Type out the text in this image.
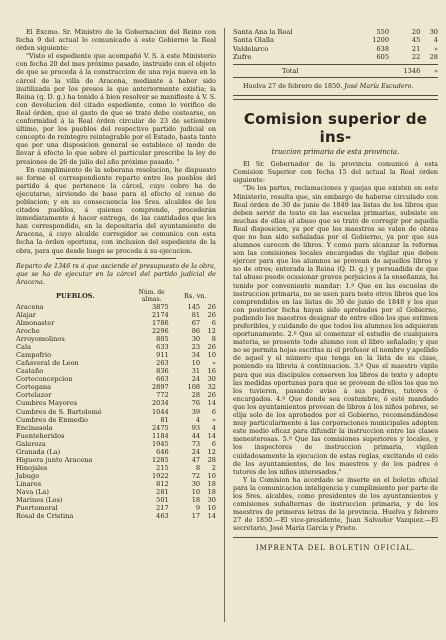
El Excmo. Sr. Ministro de la Gobernacion del Reino con fecha 9 del actual lo comunicado á este Gobierno la Real órden siguiente:

"Visto el espediente que acompañó V. S. á este Ministerio con fecha 20 del mes próximo pasado, instruido con el objeto de que se proceda á la construccion de una reja nueva en la cárcel de la villa de Aracena, mediante á haber sido inutilizada por los presos la que anteriormente existia; la Reina (q. D. g.) ha tenido á bien resolver se manifieste á V. S. con devolucion del citado espediente, como lo verifico de Real órden, que el gasto de que se trate debe costearse, en conformidad á la Real órden circular de 23 de setiembre último, por los pueblos del respectivo partido judicial en concepto de reintegro reintegrable por el Estado, hasta tanto que por una disposicion general se establece el modo de llevar á efecto lo que sobre el particular prescribe la ley de presiones de 26 de julio del año próximo pasado. "

En cumplimiento de la soberana resolucion, he dispuesto se forme el correspondiente reparto entre los pueblos del partido á que pertenece la cárcel, cuyo cobro ha de ejecutarse, sirviendo de base para el efecto el censo de poblacion; y en su consecuencia los Sres. alcaldes de los citados pueblos, á quienes comprende, procederán inmediatamente á hacer entrega, de las cantidades que les han correspondido, en la depositaria del ayuntamiento de Aracena, á cuyo alcalde corregidor se comunica con esta fecha la órden oportuna, con inclusion del espediente de la obra, para que desde luego se proceda á su ejecucion.

Reparto de 1346 rs á que asciende el presupuesto de la obra, que se ha de ejecutar en la cárcel del partido judicial de Aracena.

PUEBLOS.	Núm. de almas.	Rs. vn.	
Aracena	3875	145	26
Alajar	2174	81	26
Almonaster	1786	67	6
Aroche	2296	86	12
Arroyomolinos	805	30	8
Cala	633	23	26
Campofrio	911	34	10
Cañaveral de Leon	263	10	»
Castaño	836	31	16
Corteconcepcion	663	24	30
Cortegana	2897	108	32
Cortelazor	772	28	26
Cumbres Mayores	2034	76	14
Cumbres de S. Bartolomé	1044	39	6
Cumbres de Enmedio	81	4	»
Encinasola	2475	93	4
Fuenteheridos	1184	44	14
Galaroza	1945	73	6
Granada (La)	646	24	12
Higuera junto Aracena	1285	47	28
Hinojales	215	8	2
Jabugo	1922	72	10
Linares	812	30	18
Nava (La)	281	10	18
Marines (Los)	501	18	30
Puertomoral	217	9	10
Rosal de Cristina	463	17	14
Santa Ana la Real	550	20	30
Santa Olalla	1200	45	4
Valdelarco	638	21	»
Zufre	605	22	28
Total		1346	»

Huelva 27 de febrero de 1850. José María Escudero.

Comision superior de ins-
truccion primaria de esta provincia.

El Sr. Gobernador de la provincia comunicó á esta Comision Superior con fecha 15 del actual la Real órden siguiente:

"De los partes, reclamaciones y quejas que existen en este Ministerio, resulta que, sin embargo de haberse circulado con Real órden de 30 de junio de 1849 las listas de los libros que deben servir de testo en las escuelas primarias, subsiste en muchas de ellas el abuso que se trató de corregir por aquella Real disposicion, ya por que los maestros se valen de obras que no han sido señaladas por el Gobierno, ya por que sus alumnos carecen de libros. Y como para alcanzar la reforma son las comisiones locales encargadas de vigilar que deben ejercer para que los alumnos se provean de aquellos libros y no de otros; enterada la Reina (Q. D. g.) y persuadida de que tal abuso puede ocasionar graves perjuicios á la enseñanza, ha tenido por conveniente mandar: 1.º Que en las escuelas de instruccion primaria, no se usen para testo otros libros que los comprendidos en las listas de 30 de junio de 1848 y los que con posterior fecha hayan sido aprobados por el Gobierno, pudiendo los maestros designar de entre ellos los que estimen preferibles, y cuidando de que todos los alumnos los adquieran oportunamente. 2.º Que al comenzar el estudio de cualquiera materia, se presente todo alumno con el libro señalado; y que no se permita hojas escritas ni el profesor el nombre y apellido de aquel y el número que tenga en la lista de su clase, poniendo su libreta á continuacion. 3.º Que el maestro vigile para que sus discípulos conserven los libros de texto y adopte las medidas oportunas para que se provean de ellos los que no los tuvieren, pasando aviso á sus padres, tutores ó encargados. 4.º Que donde sea costumbre, ó esté mandado que los ayuntamientos provean de libros á los niños pobres, se elija solo de los aprobados por el Gobierno, recomendándose muy particularmente á las corporaciones municipales adopten este medio eficaz para difundir la instruccion entre las clases menesterosas. 5.º Que las comisiones superiores y locales, y los inspectores de instruccion primaria, vigilen cuidadosamente la ejecucion de estas reglas, excitando el celo de los ayuntamientos, de los maestros y de los padres ó tutores de los niños interesados."

Y la Comision ha acordado se inserte en el boletin oficial para la comunicacion inteligencia y cumplimiento por parte de los Sres. alcaldes, como presidentes de los ayuntamientos y comisiones subalternas de instruccion primaria, y de los maestros de primeras letras de la provincia. Huelva y febrero 27 de 1850.—El vice-presidente, Juan Salvador Vazquez.—El secretario, José María García y Prieto.

IMPRENTA DEL BOLETIN OFICIAL.
